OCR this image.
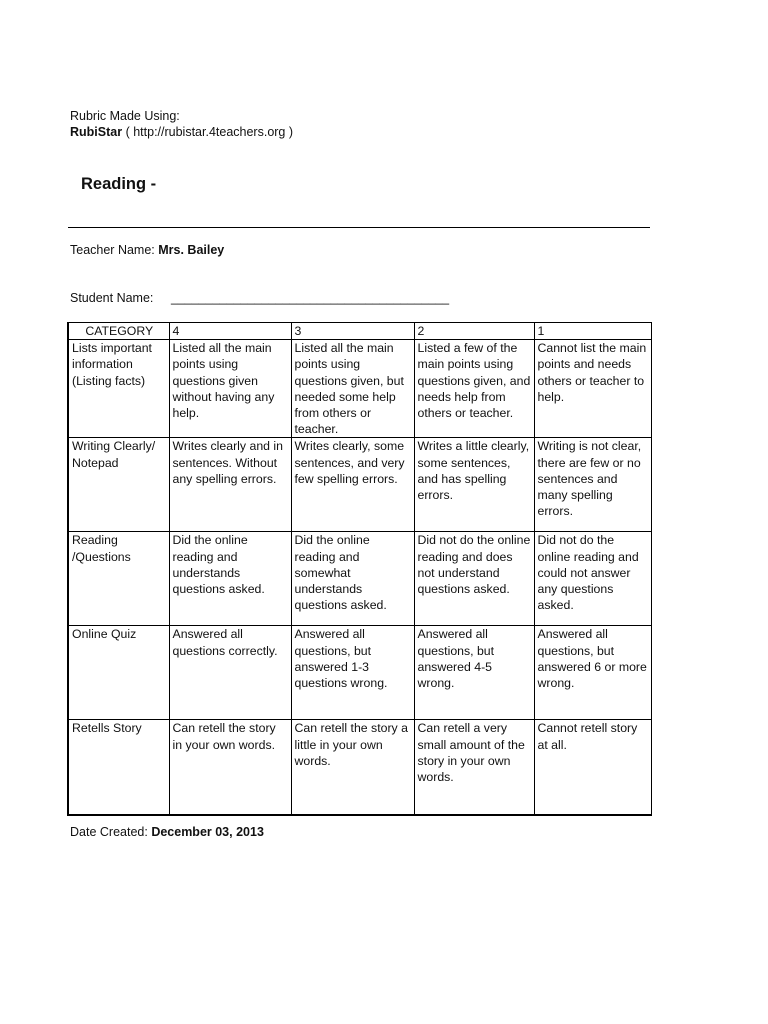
Rubric Made Using:
RubiStar ( http://rubistar.4teachers.org )
Reading -
Teacher Name: Mrs. Bailey
Student Name: ________________________________________
CATEGORY	4	3	2	1
Lists important information (Listing facts)	Listed all the main points using questions given without having any help.	Listed all the main points using questions given, but needed some help from others or teacher.	Listed a few of the main points using questions given, and needs help from others or teacher.	Cannot list the main points and needs others or teacher to help.
Writing Clearly/ Notepad	Writes clearly and in sentences. Without any spelling errors.	Writes clearly, some sentences, and very few spelling errors.	Writes a little clearly, some sentences, and has spelling errors.	Writing is not clear, there are few or no sentences and many spelling errors.
Reading /Questions	Did the online reading and understands questions asked.	Did the online reading and somewhat understands questions asked.	Did not do the online reading and does not understand questions asked.	Did not do the online reading and could not answer any questions asked.
Online Quiz	Answered all questions correctly.	Answered all questions, but answered 1-3 questions wrong.	Answered all questions, but answered 4-5 wrong.	Answered all questions, but answered 6 or more wrong.
Retells Story	Can retell the story in your own words.	Can retell the story a little in your own words.	Can retell a very small amount of the story in your own words.	Cannot retell story at all.
Date Created: December 03, 2013
